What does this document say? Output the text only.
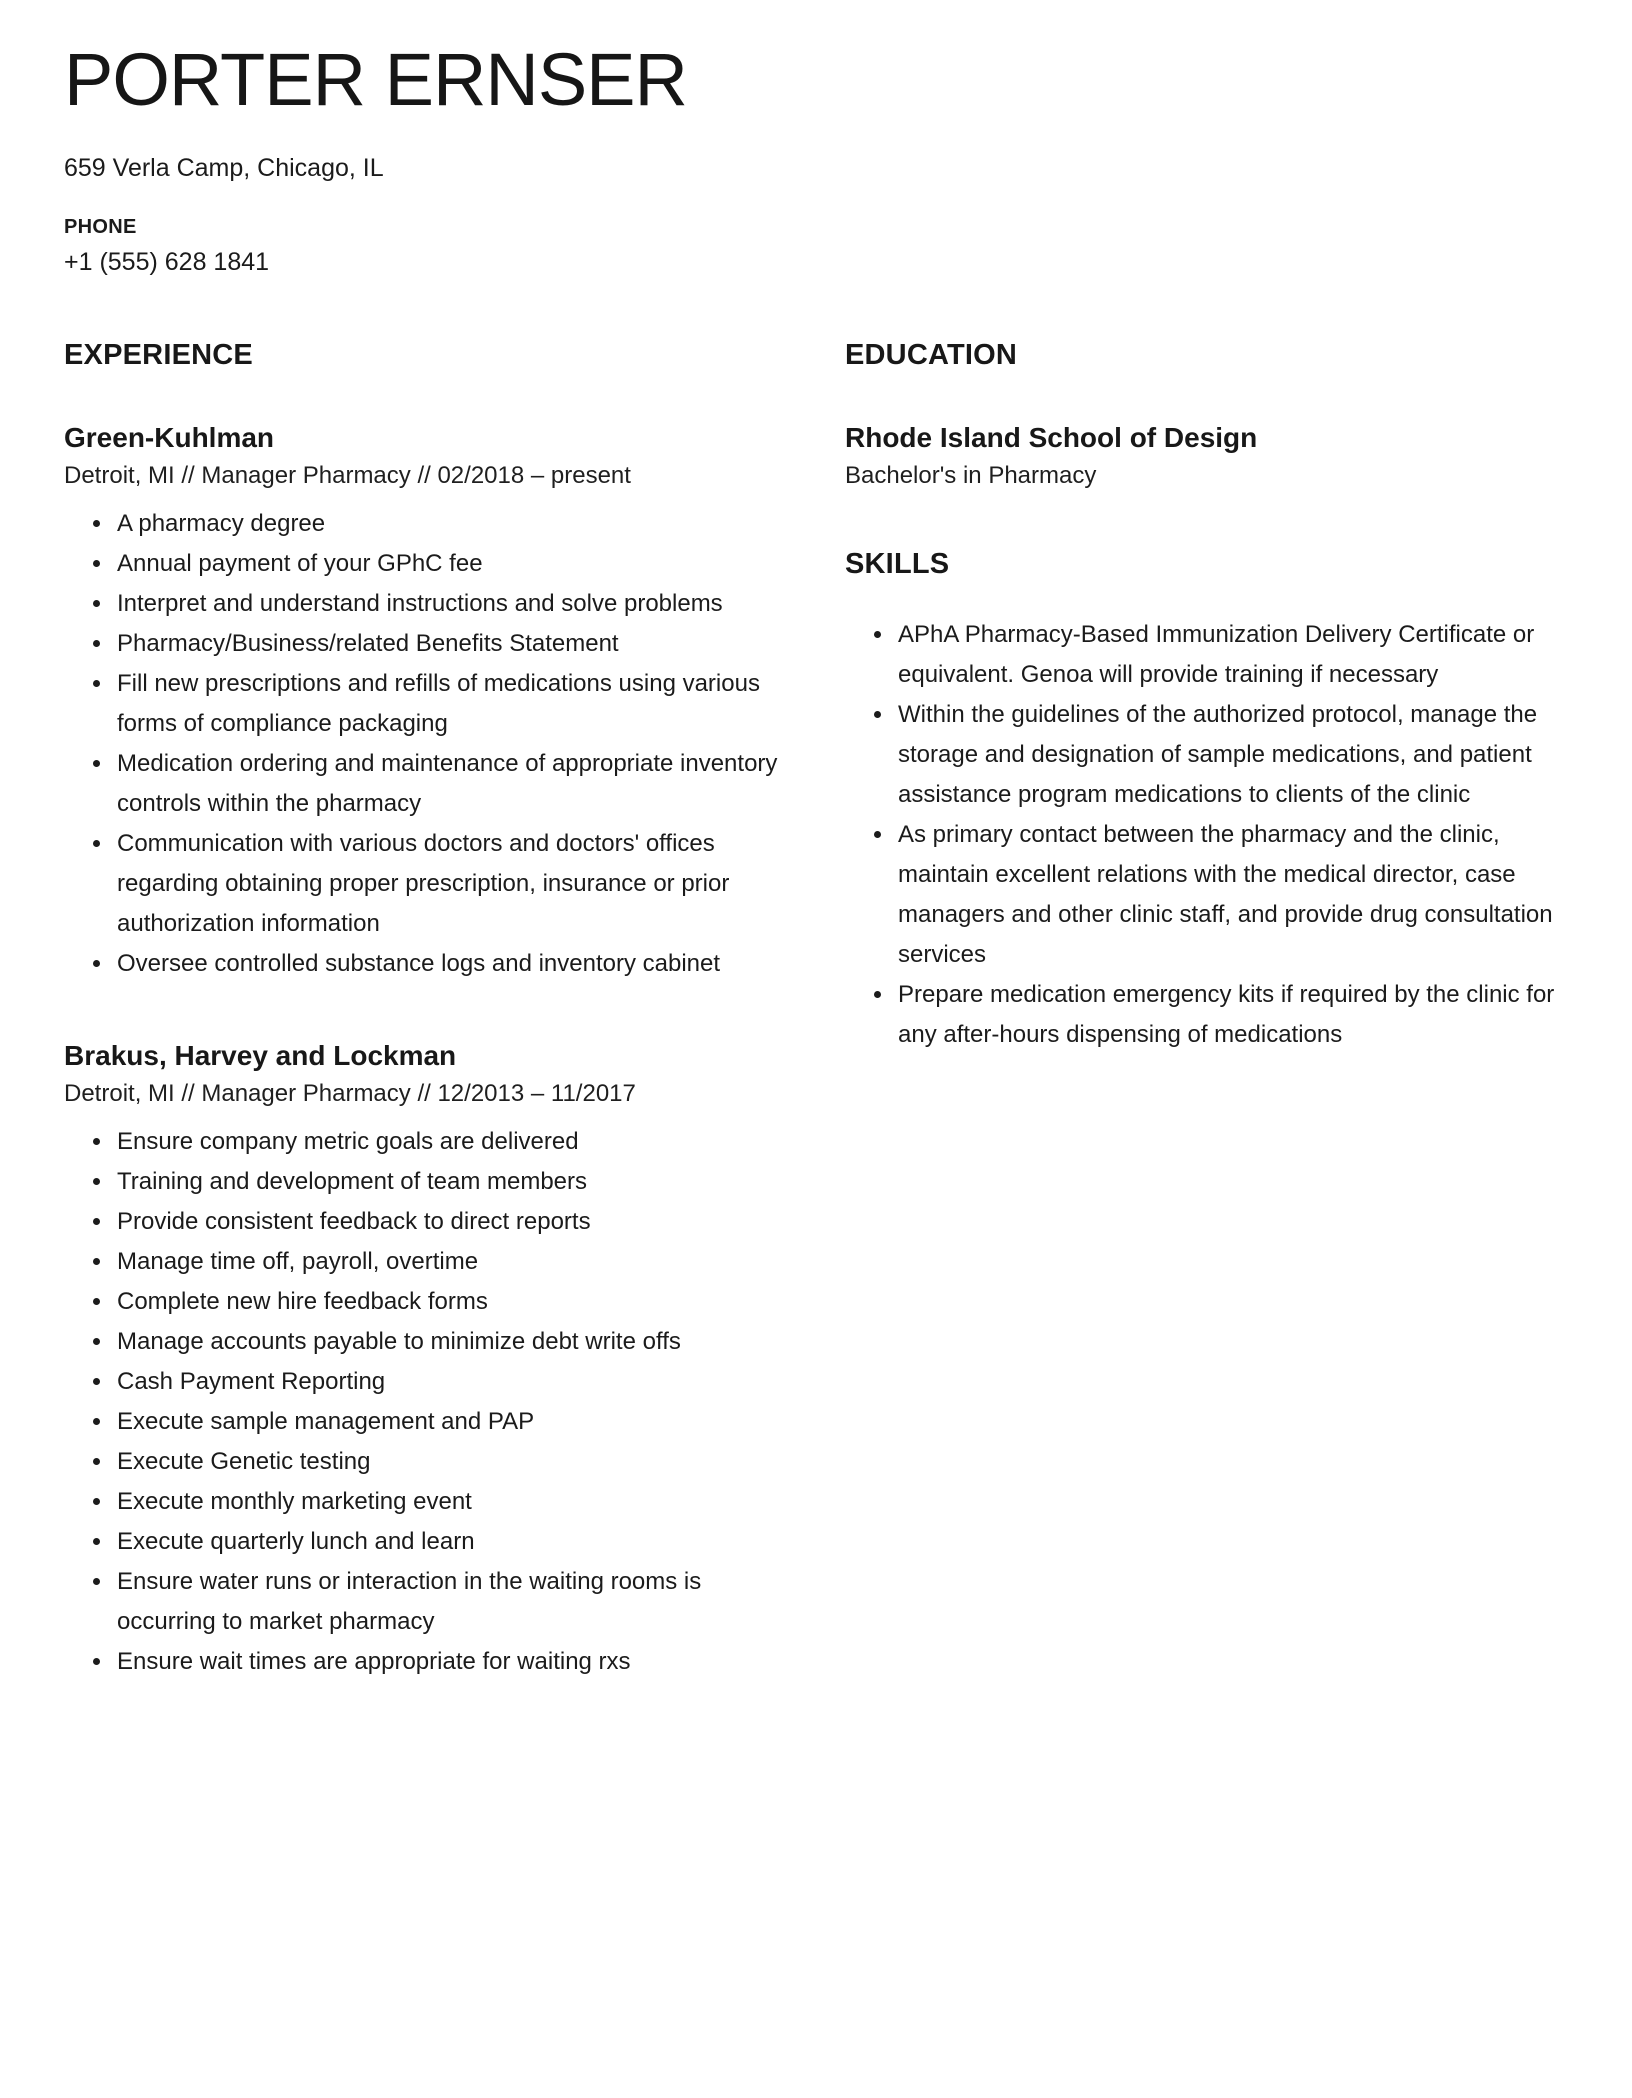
PORTER ERNSER

659 Verla Camp, Chicago, IL

PHONE

+1 (555) 628 1841

EXPERIENCE
Green-Kuhlman

Detroit, MI // Manager Pharmacy // 02/2018 – present

• A pharmacy degree
• Annual payment of your GPhC fee
• Interpret and understand instructions and solve problems
• Pharmacy/Business/related Benefits Statement
• Fill new prescriptions and refills of medications using various forms of compliance packaging
• Medication ordering and maintenance of appropriate inventory controls within the pharmacy
• Communication with various doctors and doctors' offices regarding obtaining proper prescription, insurance or prior authorization information
• Oversee controlled substance logs and inventory cabinet
Brakus, Harvey and Lockman

Detroit, MI // Manager Pharmacy // 12/2013 – 11/2017

• Ensure company metric goals are delivered
• Training and development of team members
• Provide consistent feedback to direct reports
• Manage time off, payroll, overtime
• Complete new hire feedback forms
• Manage accounts payable to minimize debt write offs
• Cash Payment Reporting
• Execute sample management and PAP
• Execute Genetic testing
• Execute monthly marketing event
• Execute quarterly lunch and learn
• Ensure water runs or interaction in the waiting rooms is occurring to market pharmacy
• Ensure wait times are appropriate for waiting rxs
EDUCATION
Rhode Island School of Design

Bachelor's in Pharmacy

SKILLS
• APhA Pharmacy-Based Immunization Delivery Certificate or equivalent. Genoa will provide training if necessary
• Within the guidelines of the authorized protocol, manage the storage and designation of sample medications, and patient assistance program medications to clients of the clinic
• As primary contact between the pharmacy and the clinic, maintain excellent relations with the medical director, case managers and other clinic staff, and provide drug consultation services
• Prepare medication emergency kits if required by the clinic for any after-hours dispensing of medications
